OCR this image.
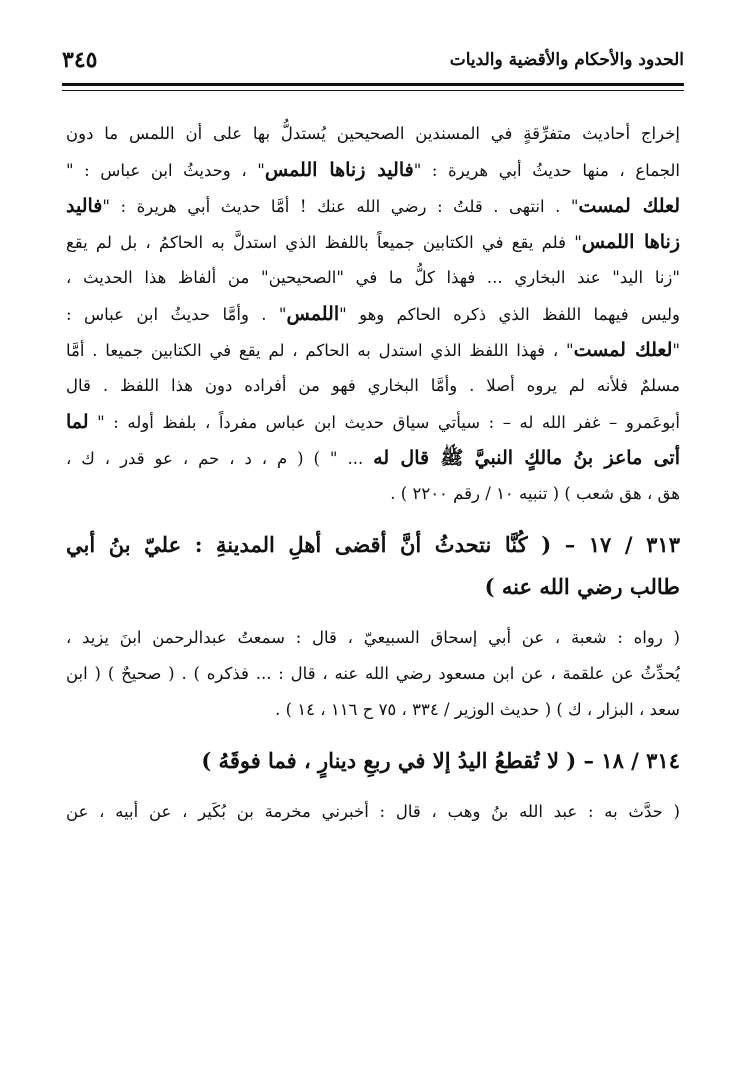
٣٤٥	الحدود والأحكام والأقضية والديات
إخراج أحاديث متفرِّقةٍ في المسندين الصحيحين يُستدلُّ بها على أن اللمس ما دون
الجماع ، منها حديثُ أبي هريرة : "فاليد زناها اللمس" ، وحديثُ ابن عباس : "
لعلك لمست" . انتهى . قلتُ : رضي الله عنك ! أمَّا حديث أبي هريرة : "فاليد
زناها اللمس" فلم يقع في الكتابين جميعاً باللفظ الذي استدلَّ به الحاكمُ ، بل لم يقع
"زنا اليد" عند البخاري ... فهذا كلُّ ما في "الصحيحين" من ألفاظ هذا الحديث ،
وليس فيهما اللفظ الذي ذكره الحاكم وهو "اللمس" . وأمَّا حديثُ ابن عباس :
"لعلك لمست" ، فهذا اللفظ الذي استدل به الحاكم ، لم يقع في الكتابين جميعا . أمَّا
مسلمٌ فلأنه لم يروه أصلا . وأمَّا البخاري فهو من أفراده دون هذا اللفظ . قال
أبوعَمرو – غفر الله له – : سيأتي سياق حديث ابن عباس مفرداً ، بلفظ أوله : " لما
أتى ماعز بنُ مالكٍ النبيَّ ﷺ قال له ... " ) ( م ، د ، حم ، عو قدر ، ك ،
هق ، هق شعب ) ( تنبيه ١٠ / رقم ٢٢٠٠ ) .
٣١٣ / ١٧ – ( كُنَّا نتحدثُ أنَّ أقضى أهلِ المدينةِ : عليّ بنُ أبي
طالب رضي الله عنه )
( رواه : شعبة ، عن أبي إسحاق السبيعيّ ، قال : سمعتُ عبدالرحمن ابنَ يزيد ،
يُحدِّثُ عن علقمة ، عن ابن مسعود رضي الله عنه ، قال : ... فذكره ) . ( صحيحٌ ) ( ابن
سعد ، البزار ، ك ) ( حديث الوزير / ٣٣٤ ، ٧٥ ح ١١٦ ، ١٤ ) .
٣١٤ / ١٨ – ( لا تُقطعُ اليدُ إلا في ربعِ دينارٍ ، فما فوقَهُ )
( حدَّث به : عبد الله بنُ وهب ، قال : أخبرني مخرمة بن بُكَير ، عن أبيه ، عن
